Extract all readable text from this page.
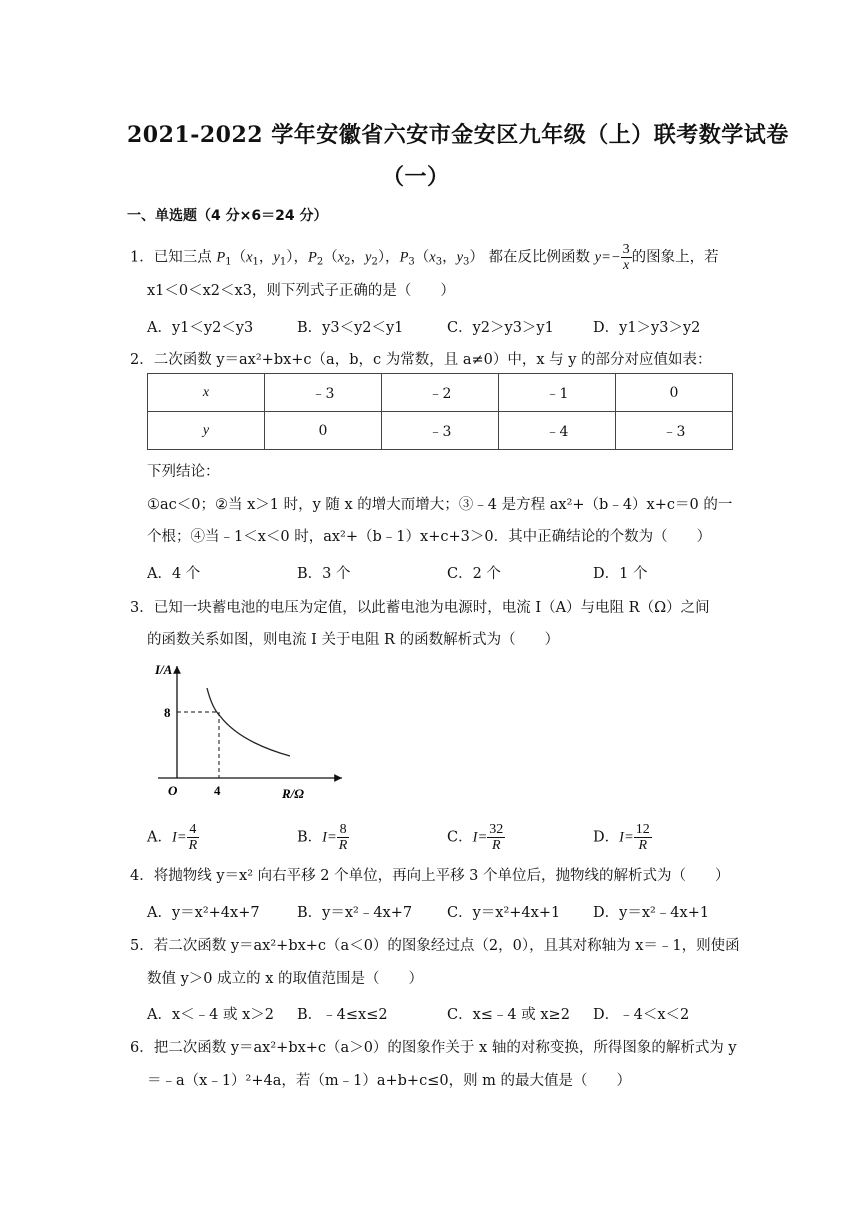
2021-2022 学年安徽省六安市金安区九年级（上）联考数学试卷
（一）
一、单选题（4 分×6＝24 分）
1．已知三点 $P_1(x_1$，$y_1$），$P_2(x_2$，$y_2$），$P_3(x_3$，$y_3$） 都在反比例函数 $y=- \frac{3}{x}$ 的图象上，若
x1＜0＜x2＜x3，则下列式子正确的是（　　）
A．y1＜y2＜y3	B．y3＜y2＜y1	C．y2＞y3＞y1	D．y1＞y3＞y2
2．二次函数 y＝ax²+bx+c（a，b，c 为常数，且 a≠0）中，x 与 y 的部分对应值如表：
x	﹣3	﹣2	﹣1	0
y	0	﹣3	﹣4	﹣3
下列结论：
①ac＜0；②当 x＞1 时，y 随 x 的增大而增大；③﹣4 是方程 ax²+（b﹣4）x+c＝0 的一
个根；④当﹣1＜x＜0 时，ax²+（b﹣1）x+c+3＞0．其中正确结论的个数为（　　）
A．4 个	B．3 个	C．2 个	D．1 个
3．已知一块蓄电池的电压为定值，以此蓄电池为电源时，电流 I（A）与电阻 R（Ω）之间
的函数关系如图，则电流 I 关于电阻 R 的函数解析式为（　　）
I/A
R/Ω
O
8
4
A．$I= \frac{4}{R}$	B．$I= \frac{8}{R}$	C．$I= \frac{32}{R}$	D．$I= \frac{12}{R}$
4．将抛物线 y＝x² 向右平移 2 个单位，再向上平移 3 个单位后，抛物线的解析式为（　　）
A．y＝x²+4x+7	B．y＝x²﹣4x+7 C．y＝x²+4x+1 D．y＝x²﹣4x+1
5．若二次函数 y＝ax²+bx+c（a＜0）的图象经过点（2，0），且其对称轴为 x＝﹣1，则使函
数值 y＞0 成立的 x 的取值范围是（　　）
A．x＜﹣4 或 x＞2 B．﹣4≤x≤2	C．x≤﹣4 或 x≥2 D．﹣4＜x＜2
6．把二次函数 y＝ax²+bx+c（a＞0）的图象作关于 x 轴的对称变换，所得图象的解析式为 y
＝﹣a（x﹣1）²+4a，若（m﹣1）a+b+c≤0，则 m 的最大值是（　　）
